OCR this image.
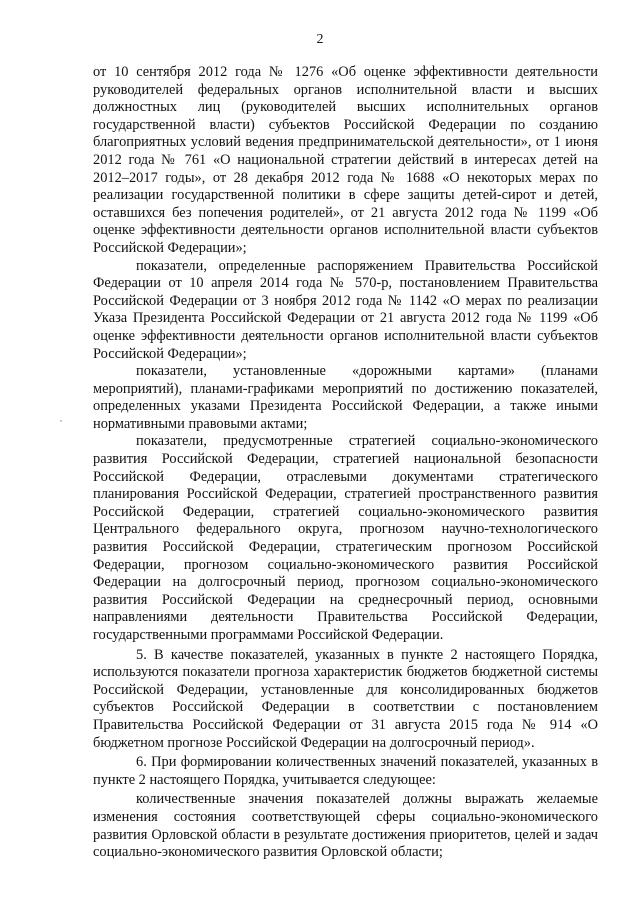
2

от 10 сентября 2012 года № 1276 «Об оценке эффективности деятельности руководителей федеральных органов исполнительной власти и высших должностных лиц (руководителей высших исполнительных органов государственной власти) субъектов Российской Федерации по созданию благоприятных условий ведения предпринимательской деятельности», от 1 июня 2012 года № 761 «О национальной стратегии действий в интересах детей на 2012–2017 годы», от 28 декабря 2012 года № 1688 «О некоторых мерах по реализации государственной политики в сфере защиты детей-сирот и детей, оставшихся без попечения родителей», от 21 августа 2012 года № 1199 «Об оценке эффективности деятельности органов исполнительной власти субъектов Российской Федерации»;

показатели, определенные распоряжением Правительства Российской Федерации от 10 апреля 2014 года № 570-р, постановлением Правительства Российской Федерации от 3 ноября 2012 года № 1142 «О мерах по реализации Указа Президента Российской Федерации от 21 августа 2012 года № 1199 «Об оценке эффективности деятельности органов исполнительной власти субъектов Российской Федерации»;

показатели, установленные «дорожными картами» (планами мероприятий), планами-графиками мероприятий по достижению показателей, определенных указами Президента Российской Федерации, а также иными нормативными правовыми актами;

показатели, предусмотренные стратегией социально-экономического развития Российской Федерации, стратегией национальной безопасности Российской Федерации, отраслевыми документами стратегического планирования Российской Федерации, стратегией пространственного развития Российской Федерации, стратегией социально-экономического развития Центрального федерального округа, прогнозом научно-технологического развития Российской Федерации, стратегическим прогнозом Российской Федерации, прогнозом социально-экономического развития Российской Федерации на долгосрочный период, прогнозом социально-экономического развития Российской Федерации на среднесрочный период, основными направлениями деятельности Правительства Российской Федерации, государственными программами Российской Федерации.

5. В качестве показателей, указанных в пункте 2 настоящего Порядка, используются показатели прогноза характеристик бюджетов бюджетной системы Российской Федерации, установленные для консолидированных бюджетов субъектов Российской Федерации в соответствии с постановлением Правительства Российской Федерации от 31 августа 2015 года № 914 «О бюджетном прогнозе Российской Федерации на долгосрочный период».

6. При формировании количественных значений показателей, указанных в пункте 2 настоящего Порядка, учитывается следующее:

количественные значения показателей должны выражать желаемые изменения состояния соответствующей сферы социально-экономического развития Орловской области в результате достижения приоритетов, целей и задач социально-экономического развития Орловской области;
